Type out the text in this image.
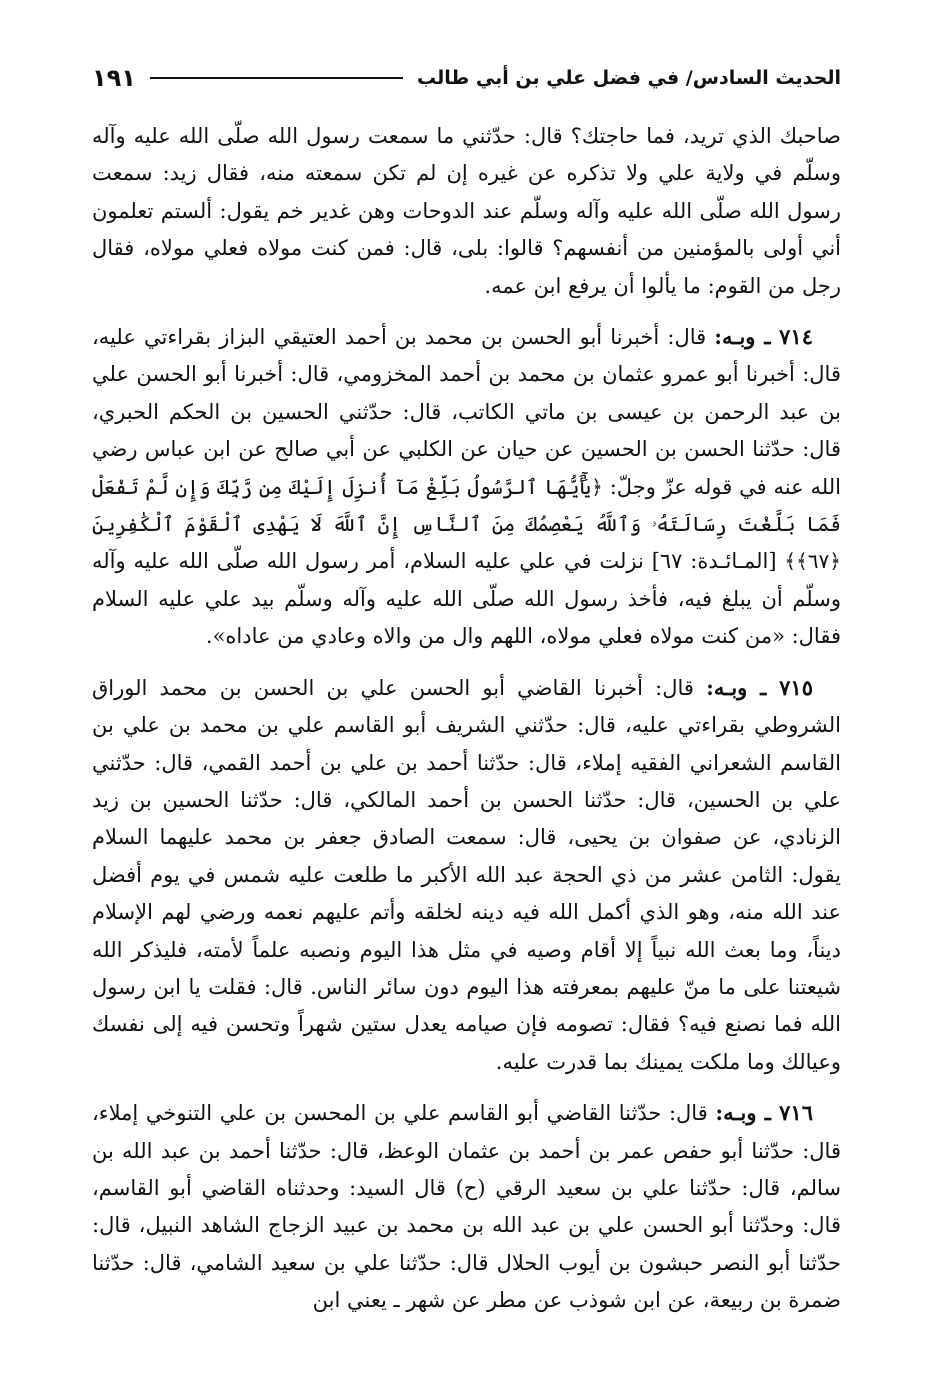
الحديث السادس/ في فضل علي بن أبي طالب
١٩١

صاحبك الذي تريد، فما حاجتك؟ قال: حدّثني ما سمعت رسول الله صلّى الله عليه وآله وسلّم في ولاية علي ولا تذكره عن غيره إن لم تكن سمعته منه، فقال زيد: سمعت رسول الله صلّى الله عليه وآله وسلّم عند الدوحات وهن غدير خم يقول: ألستم تعلمون أني أولى بالمؤمنين من أنفسهم؟ قالوا: بلى، قال: فمن كنت مولاه فعلي مولاه، فقال رجل من القوم: ما يألوا أن يرفع ابن عمه.

٧١٤ ـ وبـه: قال: أخبرنا أبو الحسن بن محمد بن أحمد العتيقي البزاز بقراءتي عليه، قال: أخبرنا أبو عمرو عثمان بن محمد بن أحمد المخزومي، قال: أخبرنا أبو الحسن علي بن عبد الرحمن بن عيسى بن ماتي الكاتب، قال: حدّثني الحسين بن الحكم الحبري، قال: حدّثنا الحسن بن الحسين عن حيان عن الكلبي عن أبي صالح عن ابن عباس رضي الله عنه في قوله عزّ وجلّ: ﴿يَٰٓأَيُّهَا ٱلرَّسُولُ بَلِّغْ مَآ أُنزِلَ إِلَيْكَ مِن رَّبِّكَ وَإِن لَّمْ تَفْعَلْ فَمَا بَلَّغْتَ رِسَالَتَهُۥ وَٱللَّهُ يَعْصِمُكَ مِنَ ٱلنَّاسِ إِنَّ ٱللَّهَ لَا يَهْدِى ٱلْقَوْمَ ٱلْكَٰفِرِينَ ﴿٦٧﴾﴾ [المـائـدة: ٦٧] نزلت في علي عليه السلام، أمر رسول الله صلّى الله عليه وآله وسلّم أن يبلغ فيه، فأخذ رسول الله صلّى الله عليه وآله وسلّم بيد علي عليه السلام فقال: «من كنت مولاه فعلي مولاه، اللهم وال من والاه وعادي من عاداه».

٧١٥ ـ وبـه: قال: أخبرنا القاضي أبو الحسن علي بن الحسن بن محمد الوراق الشروطي بقراءتي عليه، قال: حدّثني الشريف أبو القاسم علي بن محمد بن علي بن القاسم الشعراني الفقيه إملاء، قال: حدّثنا أحمد بن علي بن أحمد القمي، قال: حدّثني علي بن الحسين، قال: حدّثنا الحسن بن أحمد المالكي، قال: حدّثنا الحسين بن زيد الزنادي، عن صفوان بن يحيى، قال: سمعت الصادق جعفر بن محمد عليهما السلام يقول: الثامن عشر من ذي الحجة عبد الله الأكبر ما طلعت عليه شمس في يوم أفضل عند الله منه، وهو الذي أكمل الله فيه دينه لخلقه وأتم عليهم نعمه ورضي لهم الإسلام ديناً، وما بعث الله نبياً إلا أقام وصيه في مثل هذا اليوم ونصبه علماً لأمته، فليذكر الله شيعتنا على ما منّ عليهم بمعرفته هذا اليوم دون سائر الناس. قال: فقلت يا ابن رسول الله فما نصنع فيه؟ فقال: تصومه فإن صيامه يعدل ستين شهراً وتحسن فيه إلى نفسك وعيالك وما ملكت يمينك بما قدرت عليه.

٧١٦ ـ وبـه: قال: حدّثنا القاضي أبو القاسم علي بن المحسن بن علي التنوخي إملاء، قال: حدّثنا أبو حفص عمر بن أحمد بن عثمان الوعظ، قال: حدّثنا أحمد بن عبد الله بن سالم، قال: حدّثنا علي بن سعيد الرقي (ح) قال السيد: وحدثناه القاضي أبو القاسم، قال: وحدّثنا أبو الحسن علي بن عبد الله بن محمد بن عبيد الزجاج الشاهد النبيل، قال: حدّثنا أبو النصر حبشون بن أيوب الحلال قال: حدّثنا علي بن سعيد الشامي، قال: حدّثنا ضمرة بن ربيعة، عن ابن شوذب عن مطر عن شهر ـ يعني ابن
